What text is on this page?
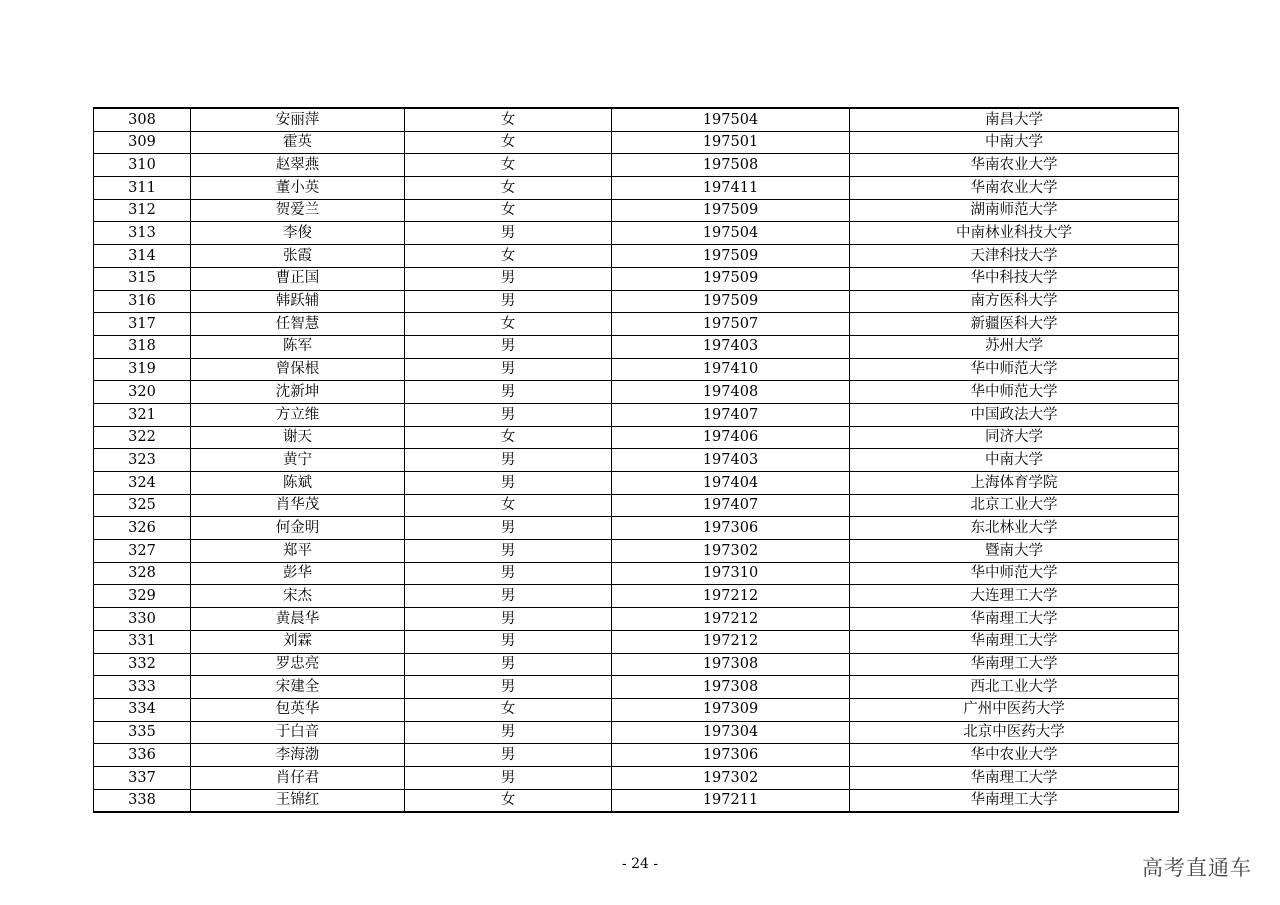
308	安丽萍	女	197504	南昌大学
309	霍英	女	197501	中南大学
310	赵翠燕	女	197508	华南农业大学
311	董小英	女	197411	华南农业大学
312	贺爱兰	女	197509	湖南师范大学
313	李俊	男	197504	中南林业科技大学
314	张霞	女	197509	天津科技大学
315	曹正国	男	197509	华中科技大学
316	韩跃辅	男	197509	南方医科大学
317	任智慧	女	197507	新疆医科大学
318	陈军	男	197403	苏州大学
319	曾保根	男	197410	华中师范大学
320	沈新坤	男	197408	华中师范大学
321	方立维	男	197407	中国政法大学
322	谢天	女	197406	同济大学
323	黄宁	男	197403	中南大学
324	陈斌	男	197404	上海体育学院
325	肖华茂	女	197407	北京工业大学
326	何金明	男	197306	东北林业大学
327	郑平	男	197302	暨南大学
328	彭华	男	197310	华中师范大学
329	宋杰	男	197212	大连理工大学
330	黄晨华	男	197212	华南理工大学
331	刘霖	男	197212	华南理工大学
332	罗忠亮	男	197308	华南理工大学
333	宋建全	男	197308	西北工业大学
334	包英华	女	197309	广州中医药大学
335	于白音	男	197304	北京中医药大学
336	李海渤	男	197306	华中农业大学
337	肖仔君	男	197302	华南理工大学
338	王锦红	女	197211	华南理工大学
- 24 -	高考直通车
